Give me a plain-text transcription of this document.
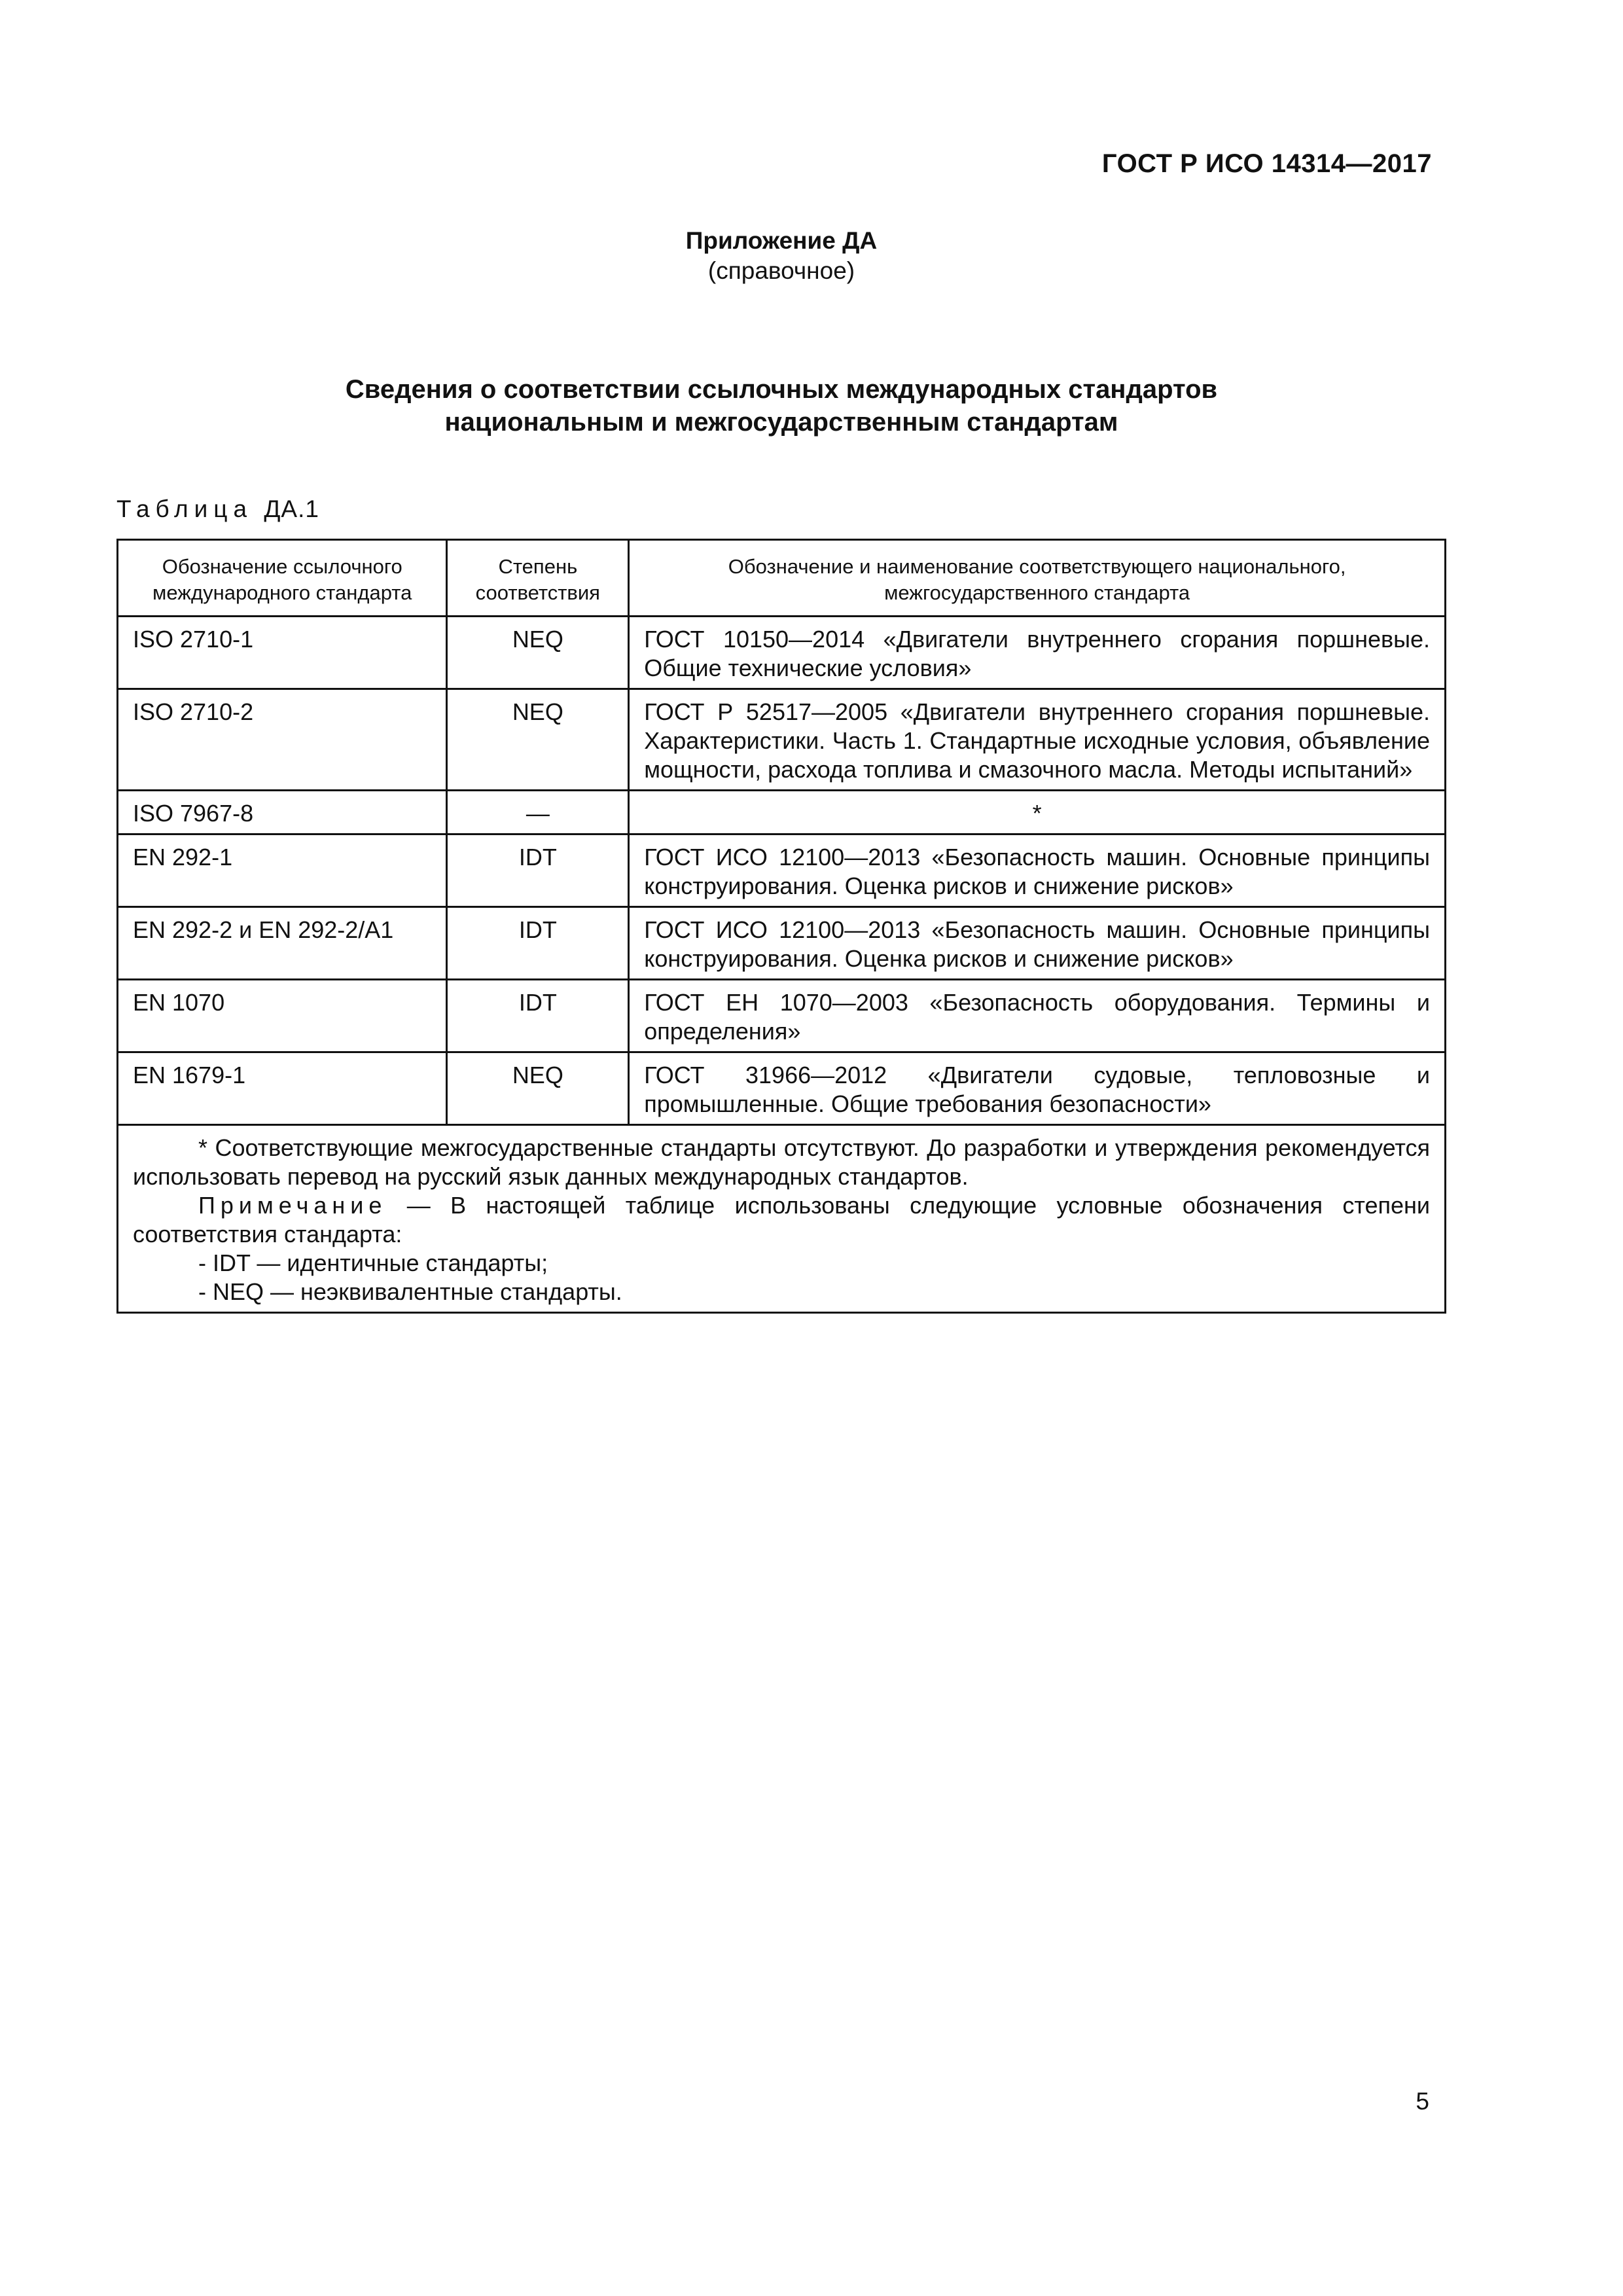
ГОСТ Р ИСО 14314—2017
Приложение ДА
(справочное)
Сведения о соответствии ссылочных международных стандартов
национальным и межгосударственным стандартам
Таблица ДА.1
Обозначение ссылочного международного стандарта	Степень соответствия	Обозначение и наименование соответствующего национального, межгосударственного стандарта
ISO 2710-1	NEQ	ГОСТ 10150—2014 «Двигатели внутреннего сгорания поршневые. Общие технические условия»
ISO 2710-2	NEQ	ГОСТ Р 52517—2005 «Двигатели внутреннего сгорания поршневые. Характеристики. Часть 1. Стандартные исходные условия, объявление мощности, расхода топлива и смазочного масла. Методы испытаний»
ISO 7967-8	—	*
EN 292-1	IDT	ГОСТ ИСО 12100—2013 «Безопасность машин. Основные принципы конструирования. Оценка рисков и снижение рисков»
EN 292-2 и EN 292-2/A1	IDT	ГОСТ ИСО 12100—2013 «Безопасность машин. Основные принципы конструирования. Оценка рисков и снижение рисков»
EN 1070	IDT	ГОСТ ЕН 1070—2003 «Безопасность оборудования. Термины и определения»
EN 1679-1	NEQ	ГОСТ 31966—2012 «Двигатели судовые, тепловозные и промышленные. Общие требования безопасности»

* Соответствующие межгосударственные стандарты отсутствуют. До разработки и утверждения рекомендуется использовать перевод на русский язык данных международных стандартов.

Примечание — В настоящей таблице использованы следующие условные обозначения степени соответствия стандарта:

- IDT — идентичные стандарты;

- NEQ — неэквивалентные стандарты.		

5
